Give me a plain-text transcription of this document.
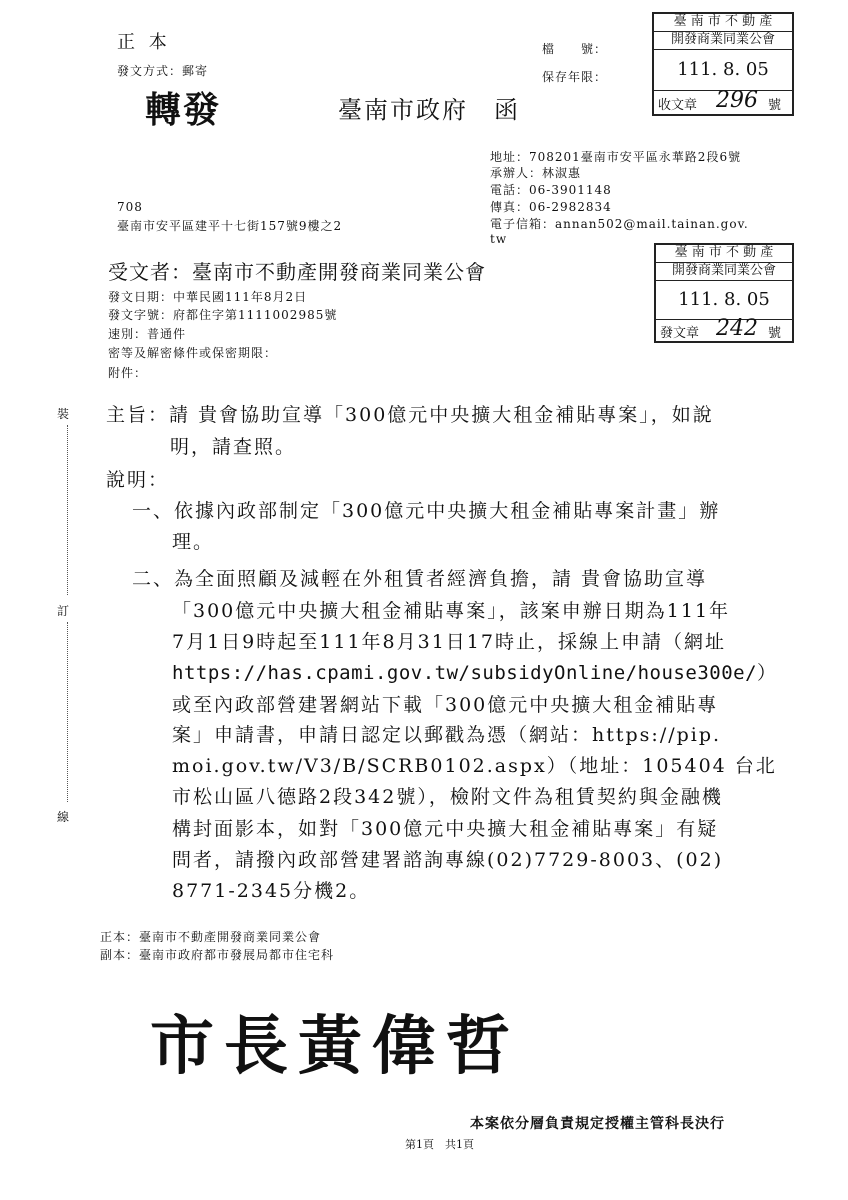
正 本
發文方式：郵寄
轉發	臺南市政府　函
檔　　號：
保存年限：
臺 南 市 不 動 產
開發商業同業公會
111. 8. 05
收文章 296 號
地址：708201臺南市安平區永華路2段6號
承辦人：林淑惠
電話：06-3901148
傳真：06-2982834
電子信箱：annan502@mail.tainan.gov.
tw
708
臺南市安平區建平十七街157號9樓之2
臺 南 市 不 動 產
開發商業同業公會
111. 8. 05
發文章 242 號
受文者：臺南市不動產開發商業同業公會
發文日期：中華民國111年8月2日
發文字號：府都住字第1111002985號
速別：普通件
密等及解密條件或保密期限：
附件：
裝
訂
線
主旨：請 貴會協助宣導「300億元中央擴大租金補貼專案」，如說
明，請查照。
說明：
一、依據內政部制定「300億元中央擴大租金補貼專案計畫」辦
理。
二、為全面照顧及減輕在外租賃者經濟負擔，請 貴會協助宣導
「300億元中央擴大租金補貼專案」，該案申辦日期為111年
7月1日9時起至111年8月31日17時止，採線上申請（網址
https://has.cpami.gov.tw/subsidyOnline/house300e/）
或至內政部營建署網站下載「300億元中央擴大租金補貼專
案」申請書，申請日認定以郵戳為憑（網站：https://pip.
moi.gov.tw/V3/B/SCRB0102.aspx）（地址：105404 台北
市松山區八德路2段342號），檢附文件為租賃契約與金融機
構封面影本，如對「300億元中央擴大租金補貼專案」有疑
問者，請撥內政部營建署諮詢專線(02)7729-8003、(02)
8771-2345分機2。
正本：臺南市不動產開發商業同業公會
副本：臺南市政府都市發展局都市住宅科
市長黃偉哲
本案依分層負責規定授權主管科長決行
第1頁　共1頁
